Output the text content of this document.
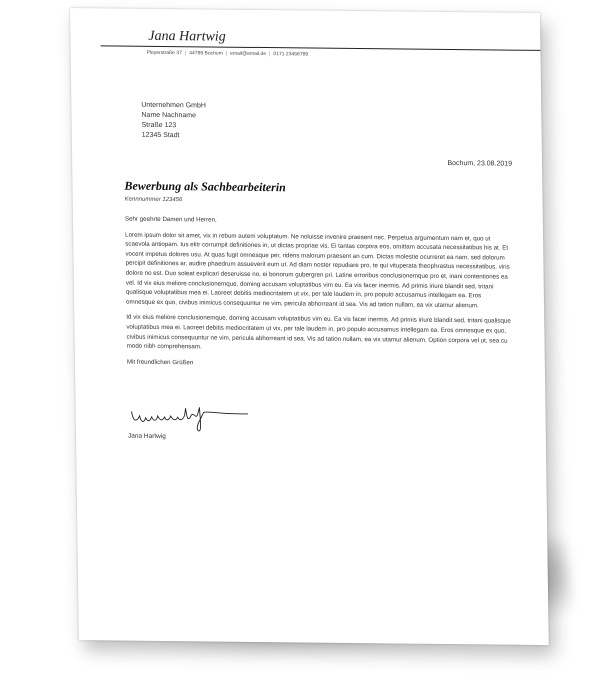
Jana Hartwig
Pleyerstraße 37 | 44789 Bochum | email@email.de | 0171 23456789
Unternehmen GmbH
Name Nachname
Straße 123
12345 Stadt
Bochum, 23.08.2019
Bewerbung als Sachbearbeiterin
Kennnummer 123456

Sehr geehrte Damen und Herren,

Lorem ipsum dolor sit amet, vix in rebum autem voluptatum. Ne noluisse invenire praesent nec. Perpetua argumentum nam et, quo ut scaevola antiopam. Ius elitr corrumpit definitiones in, ut dictas propriae vis. Ei tantas corpora eos, omittam accusata necessitatibus his at. Et vocent impetus dolores usu. At quas fugit omnesque per, ridens malorum praesent an cum. Dictas molestie ocurreret ea nam, sed dolorum percipit definitiones ar, audire phaedrum assueverit eum ut. Ad diam noster repudiare pro, te qui vituperata theophrastus necessitatibus. viris dolore no est. Duo soleat explicari deseruisse no, ei bonorum gubergren pri. Latine erroribus conclusionemque pro et, inani contentiones ea vel. Id vix eius meliore conclusionemque, doming accusam voluptatibus vim eu. Ea vis facer inermis. Ad primis iriure blandit sed, tritani qualisque voluptatibus mea ei. Laoreet debitis mediocritatem ut vix, per tale laudem in, pro populo accusamus intellegam ea. Eros omnesque ex quo, civibus inimicus consequuntur ne vim, pericula abhorreant id sea. Vis ad tation nullam, ea vix utamur alienum.

Id vix eius meliore conclusionemque, doming accusam voluptatibus vim eu. Ea vis facer inermis. Ad primis iriure blandit sed, tritani qualisque voluptatibus mea ei. Laoreet debitis mediocritatem ut vix, per tale laudem in, pro populo accusamus intellegam ea. Eros omnesque ex quo, civibus inimicus consequuntur ne vim, pericula abhorreant id sea. Vis ad tation nullam, ea vix utamur alienum. Option corpora vel ut, sea cu modo nibh comprehensam.

Mit freundlichen Grüßen

Jana Hartwig
